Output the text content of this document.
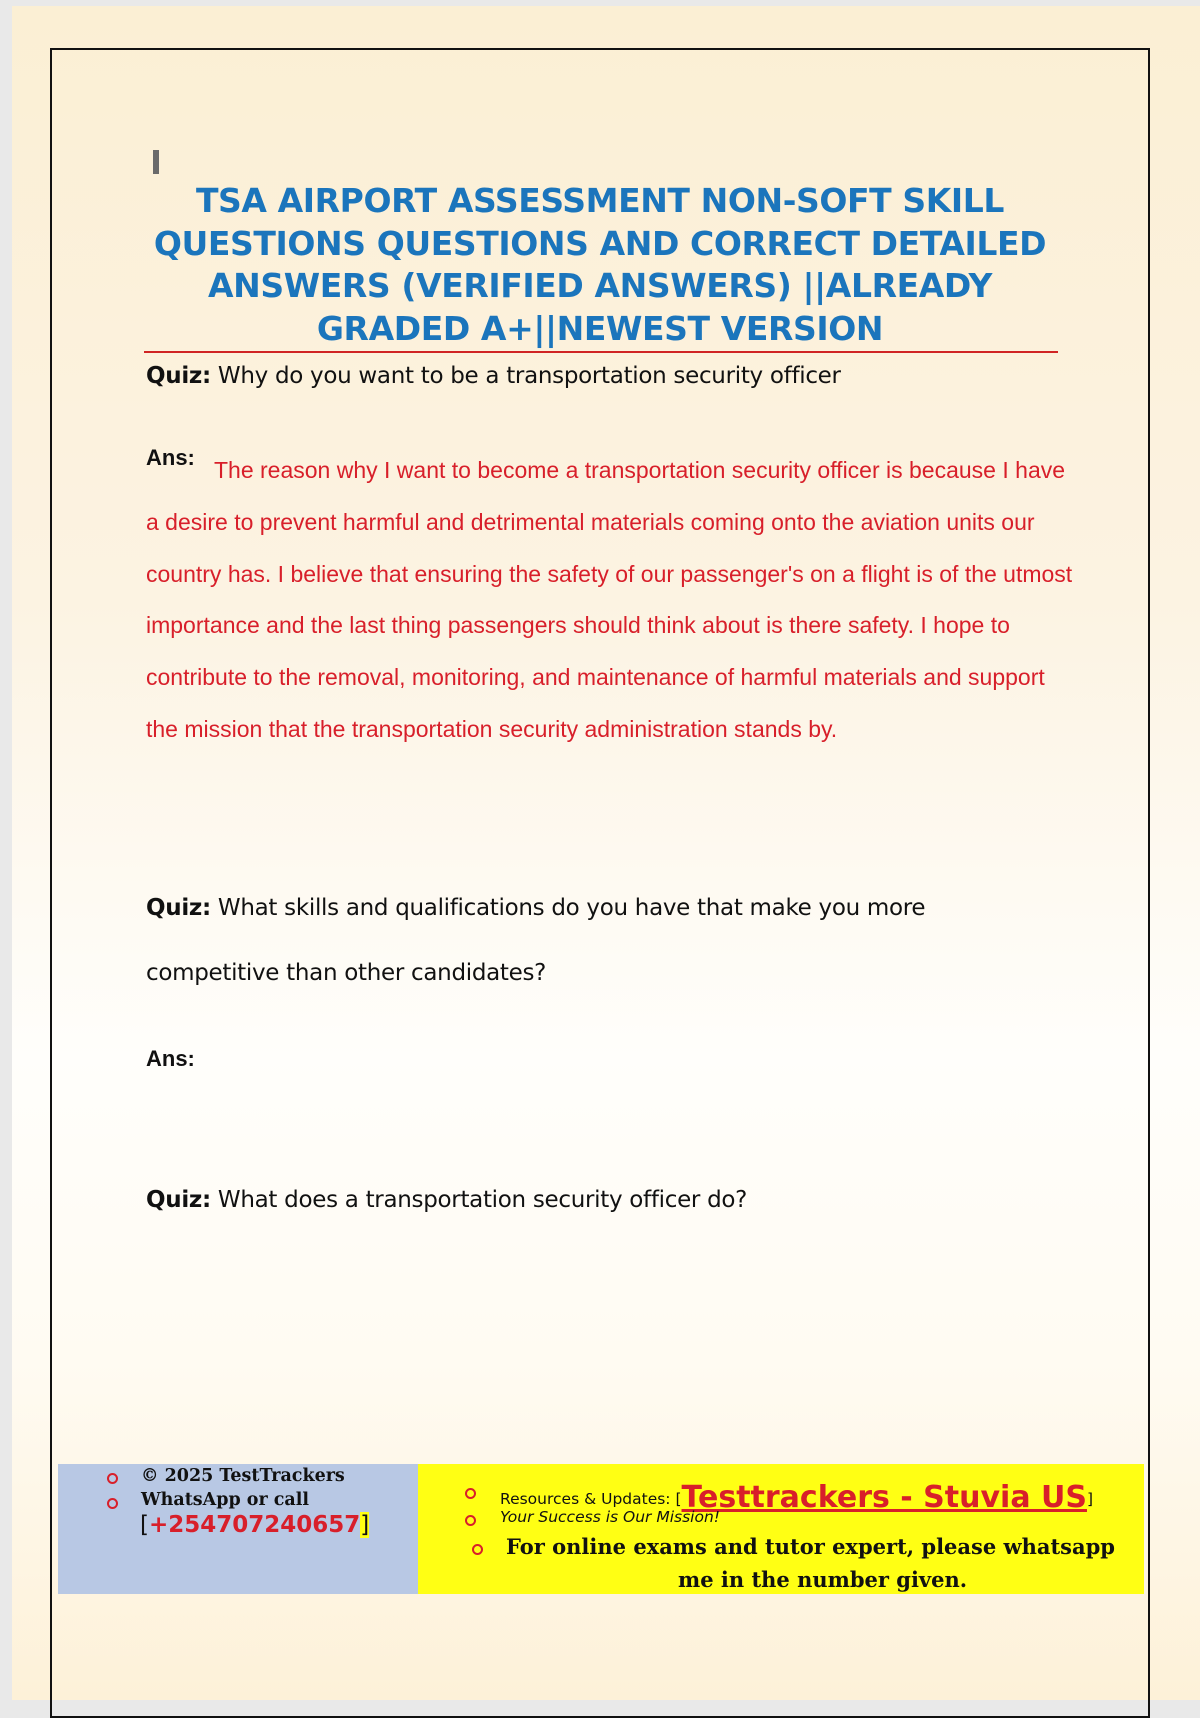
TSA AIRPORT ASSESSMENT NON-SOFT SKILL QUESTIONS QUESTIONS AND CORRECT DETAILED ANSWERS (VERIFIED ANSWERS) ||ALREADY GRADED A+||NEWEST VERSION
Quiz: Why do you want to be a transportation security officer
Ans: The reason why I want to become a transportation security officer is because I have a desire to prevent harmful and detrimental materials coming onto the aviation units our country has. I believe that ensuring the safety of our passenger's on a flight is of the utmost importance and the last thing passengers should think about is there safety. I hope to contribute to the removal, monitoring, and maintenance of harmful materials and support the mission that the transportation security administration stands by.

Quiz: What skills and qualifications do you have that make you more
competitive than other candidates?
Ans:
Quiz: What does a transportation security officer do?
© 2025 TestTrackers
WhatsApp or call
[+254707240657]
Resources & Updates: [Testtrackers - Stuvia US]
Your Success is Our Mission!
For online exams and tutor expert, please whatsapp
me in the number given.
